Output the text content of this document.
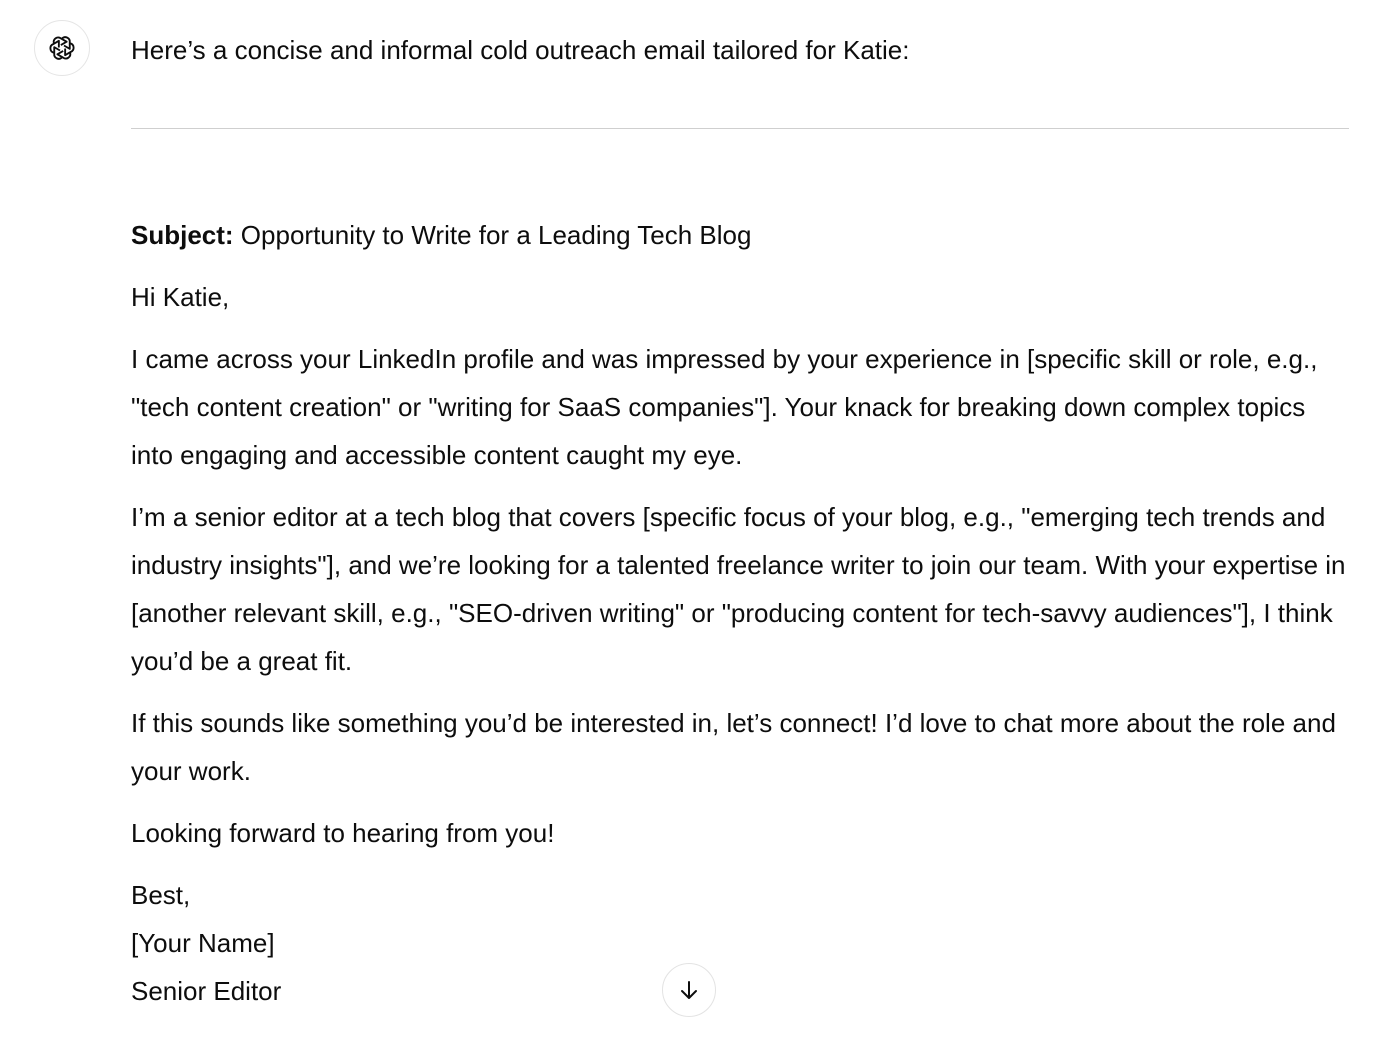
Here’s a concise and informal cold outreach email tailored for Katie:

Subject: Opportunity to Write for a Leading Tech Blog

Hi Katie,

I came across your LinkedIn profile and was impressed by your experience in [specific skill or role, e.g., "tech content creation" or "writing for SaaS companies"]. Your knack for breaking down complex topics into engaging and accessible content caught my eye.

I’m a senior editor at a tech blog that covers [specific focus of your blog, e.g., "emerging tech trends and industry insights"], and we’re looking for a talented freelance writer to join our team. With your expertise in [another relevant skill, e.g., "SEO-driven writing" or "producing content for tech-savvy audiences"], I think you’d be a great fit.

If this sounds like something you’d be interested in, let’s connect! I’d love to chat more about the role and your work.

Looking forward to hearing from you!

Best,
[Your Name]
Senior Editor
